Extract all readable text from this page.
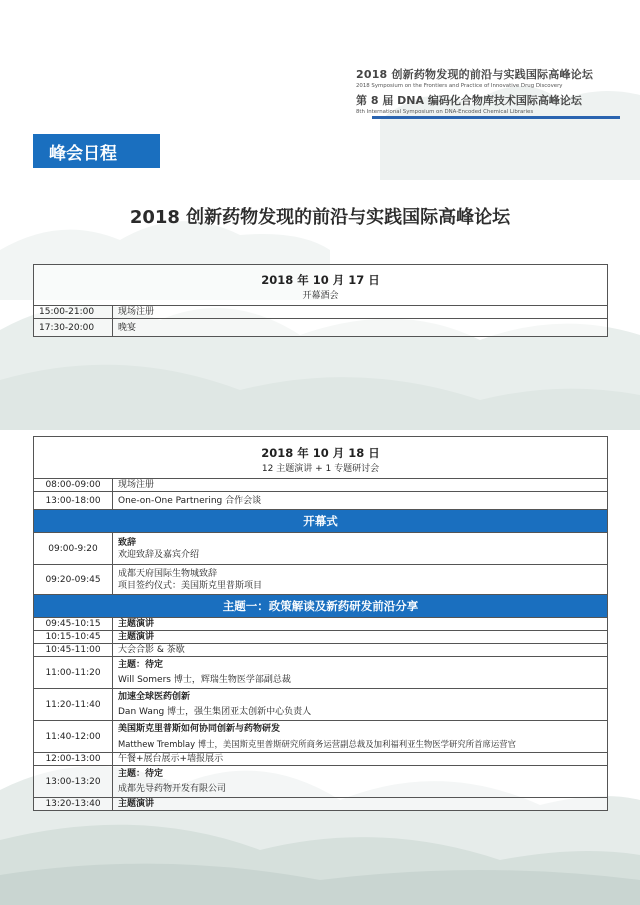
2018 创新药物发现的前沿与实践国际高峰论坛
2018 Symposium on the Frontiers and Practice of Innovative Drug Discovery
第 8 届 DNA 编码化合物库技术国际高峰论坛
8th International Symposium on DNA-Encoded Chemical Libraries
峰会日程
2018 创新药物发现的前沿与实践国际高峰论坛
2018 年 10 月 17 日	
开幕酒会	
15:00-21:00	现场注册
17:30-20:00	晚宴
2018 年 10 月 18 日	
12 主题演讲 + 1 专题研讨会	
08:00-09:00	现场注册
13:00-18:00	One-on-One Partnering 合作会谈
开幕式	
09:00-9:20	致辞
欢迎致辞及嘉宾介绍

09:20-09:45	成都天府国际生物城致辞
项目签约仪式：美国斯克里普斯项目

主题一：政策解读及新药研发前沿分享	
09:45-10:15	主题演讲
10:15-10:45	主题演讲
10:45-11:00	大会合影 & 茶歇
11:00-11:20	主题：待定
Will Somers 博士，辉瑞生物医学部副总裁

11:20-11:40	加速全球医药创新
Dan Wang 博士，强生集团亚太创新中心负责人

11:40-12:00	美国斯克里普斯如何协同创新与药物研发
Matthew Tremblay 博士，美国斯克里普斯研究所商务运营副总裁及加利福利亚生物医学研究所首席运营官

12:00-13:00	午餐+展台展示+墙报展示
13:00-13:20	主题：待定
成都先导药物开发有限公司

13:20-13:40	主题演讲
